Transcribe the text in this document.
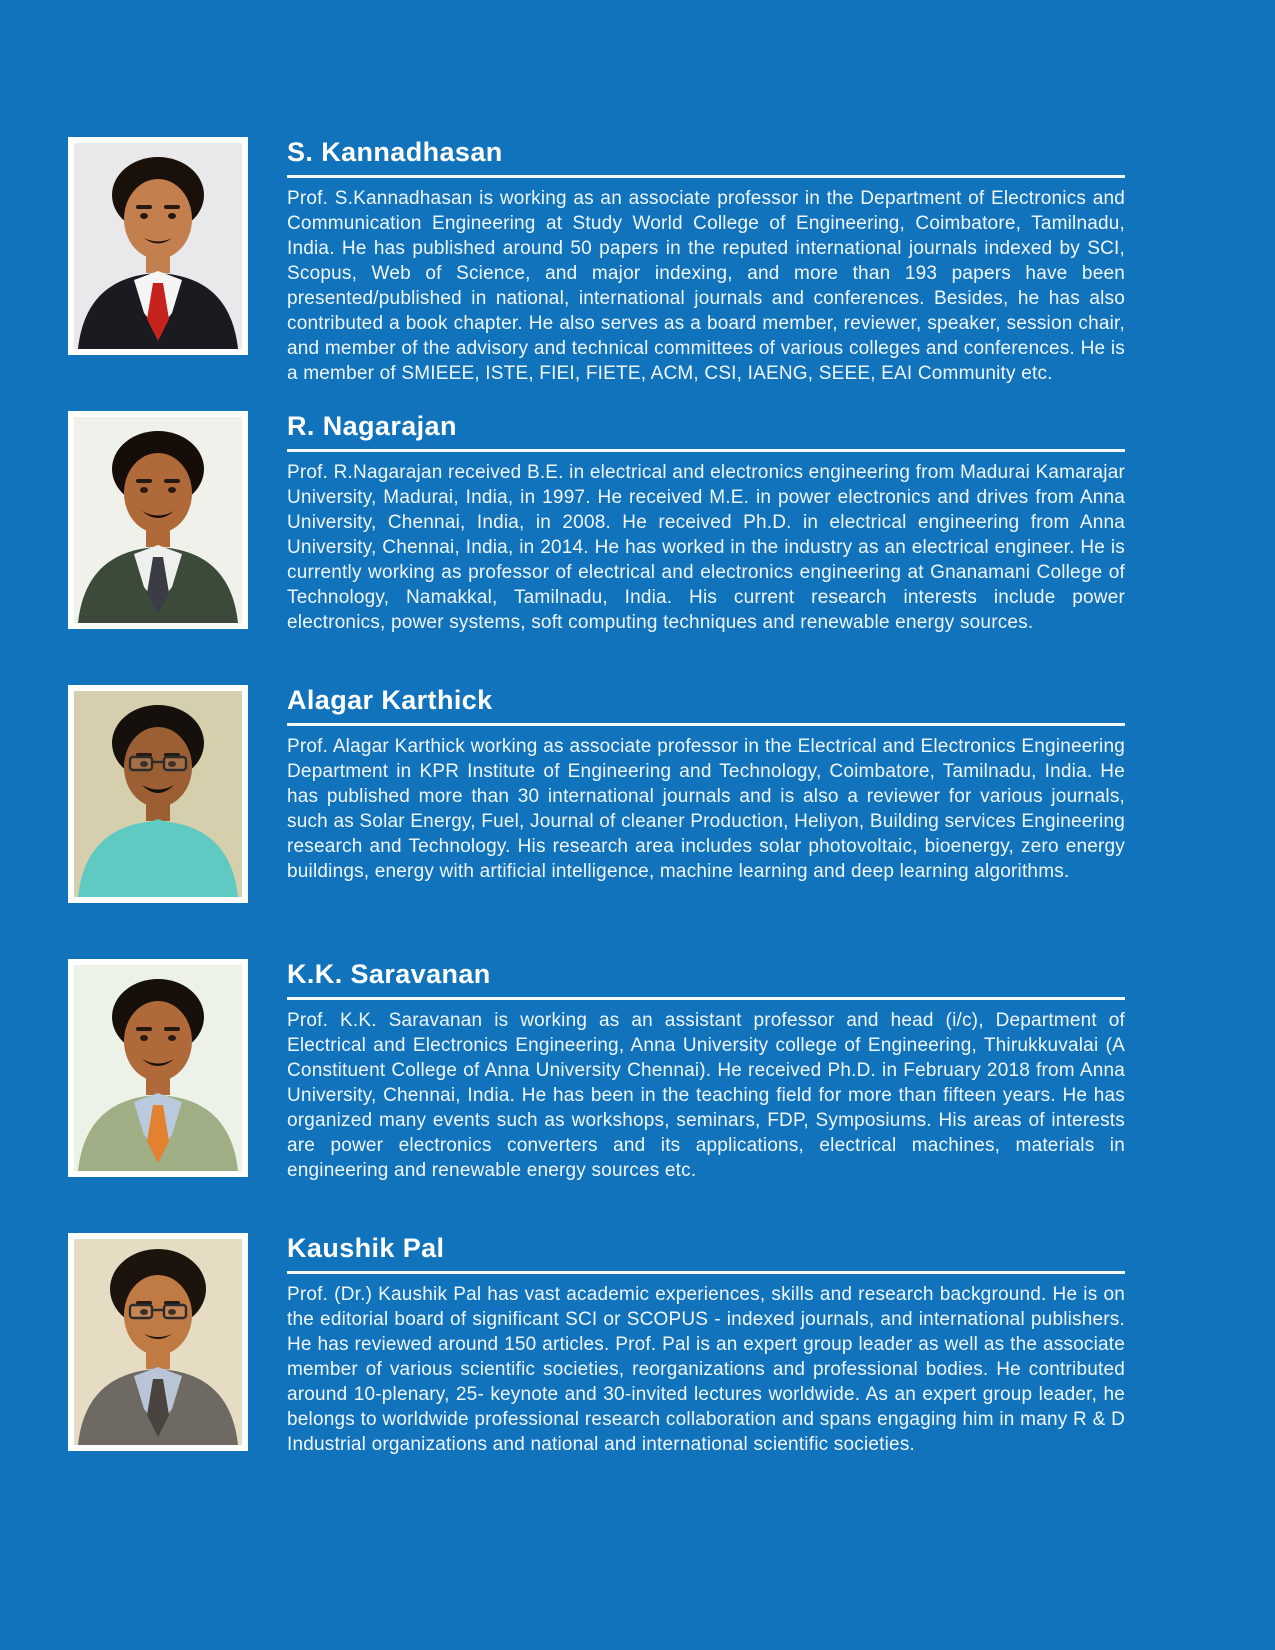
S. Kannadhasan

Prof. S.Kannadhasan is working as an associate professor in the Department of Electronics and Communication Engineering at Study World College of Engineering, Coimbatore, Tamilnadu, India. He has published around 50 papers in the reputed international journals indexed by SCI, Scopus, Web of Science, and major indexing, and more than 193 papers have been presented/published in national, international journals and conferences. Besides, he has also contributed a book chapter. He also serves as a board member, reviewer, speaker, session chair, and member of the advisory and technical committees of various colleges and conferences. He is a member of SMIEEE, ISTE, FIEI, FIETE, ACM, CSI, IAENG, SEEE, EAI Community etc.

R. Nagarajan

Prof. R.Nagarajan received B.E. in electrical and electronics engineering from Madurai Kamarajar University, Madurai, India, in 1997. He received M.E. in power electronics and drives from Anna University, Chennai, India, in 2008. He received Ph.D. in electrical engineering from Anna University, Chennai, India, in 2014. He has worked in the industry as an electrical engineer. He is currently working as professor of electrical and electronics engineering at Gnanamani College of Technology, Namakkal, Tamilnadu, India. His current research interests include power electronics, power systems, soft computing techniques and renewable energy sources.

Alagar Karthick

Prof. Alagar Karthick working as associate professor in the Electrical and Electronics Engineering Department in KPR Institute of Engineering and Technology, Coimbatore, Tamilnadu, India. He has published more than 30 international journals and is also a reviewer for various journals, such as Solar Energy, Fuel, Journal of cleaner Production, Heliyon, Building services Engineering research and Technology. His research area includes solar photovoltaic, bioenergy, zero energy buildings, energy with artificial intelligence, machine learning and deep learning algorithms.

K.K. Saravanan

Prof. K.K. Saravanan is working as an assistant professor and head (i/c), Department of Electrical and Electronics Engineering, Anna University college of Engineering, Thirukkuvalai (A Constituent College of Anna University Chennai). He received Ph.D. in February 2018 from Anna University, Chennai, India. He has been in the teaching field for more than fifteen years. He has organized many events such as workshops, seminars, FDP, Symposiums. His areas of interests are power electronics converters and its applications, electrical machines, materials in engineering and renewable energy sources etc.

Kaushik Pal

Prof. (Dr.) Kaushik Pal has vast academic experiences, skills and research background. He is on the editorial board of significant SCI or SCOPUS - indexed journals, and international publishers. He has reviewed around 150 articles. Prof. Pal is an expert group leader as well as the associate member of various scientific societies, reorganizations and professional bodies. He contributed around 10-plenary, 25- keynote and 30-invited lectures worldwide. As an expert group leader, he belongs to worldwide professional research collaboration and spans engaging him in many R & D Industrial organizations and national and international scientific societies.
